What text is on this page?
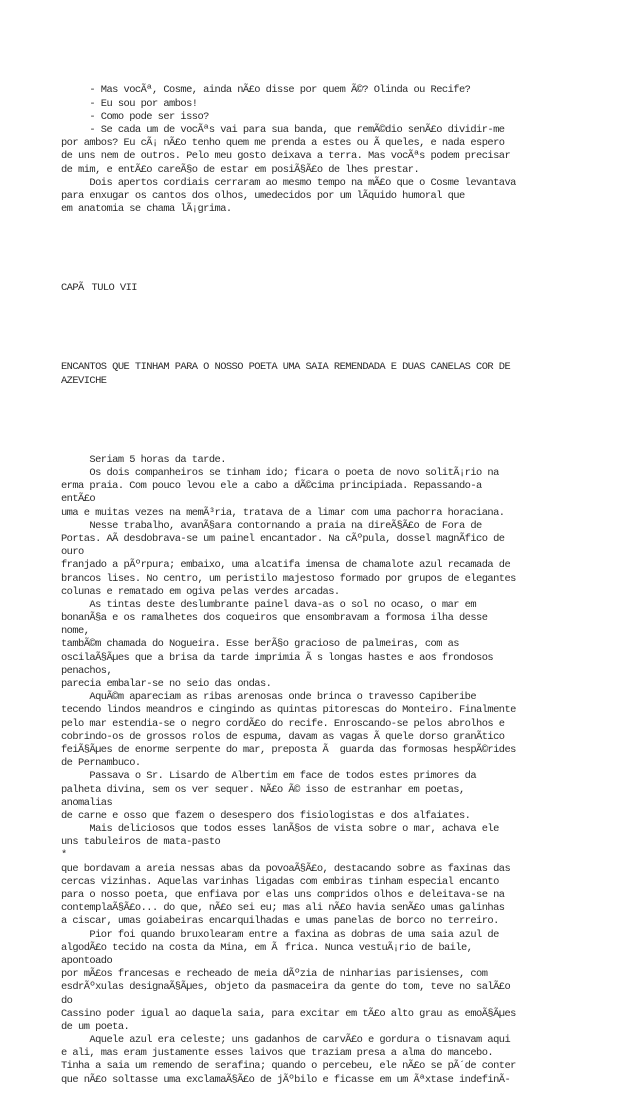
- Mas vocÃª, Cosme, ainda nÃ£o disse por quem Ã©? Olinda ou Recife?
- Eu sou por ambos!
- Como pode ser isso?
- Se cada um de vocÃªs vai para sua banda, que remÃ©dio senÃ£o dividir-me
por ambos? Eu cÃ¡ nÃ£o tenho quem me prenda a estes ou Ã queles, e nada espero
de uns nem de outros. Pelo meu gosto deixava a terra. Mas vocÃªs podem precisar
de mim, e entÃ£o careÃ§o de estar em posiÃ§Ã£o de lhes prestar.
Dois apertos cordiais cerraram ao mesmo tempo na mÃ£o que o Cosme levantava
para enxugar os cantos dos olhos, umedecidos por um lÃquido humoral que
em anatomia se chama lÃ¡grima.

CAPÃTULO VII

ENCANTOS QUE TINHAM PARA O NOSSO POETA UMA SAIA REMENDADA E DUAS CANELAS COR DE
AZEVICHE

Seriam 5 horas da tarde.
Os dois companheiros se tinham ido; ficara o poeta de novo solitÃ¡rio na
erma praia. Com pouco levou ele a cabo a dÃ©cima principiada. Repassando-a
entÃ£o
uma e muitas vezes na memÃ³ria, tratava de a limar com uma pachorra horaciana.
Nesse trabalho, avanÃ§ara contornando a praia na direÃ§Ã£o de Fora de
Portas. AÃ desdobrava-se um painel encantador. Na cÃºpula, dossel magnÃfico de
ouro
franjado a pÃºrpura; embaixo, uma alcatifa imensa de chamalote azul recamada de
brancos lises. No centro, um peristilo majestoso formado por grupos de elegantes
colunas e rematado em ogiva pelas verdes arcadas.
As tintas deste deslumbrante painel dava-as o sol no ocaso, o mar em
bonanÃ§a e os ramalhetes dos coqueiros que ensombravam a formosa ilha desse
nome,
tambÃ©m chamada do Nogueira. Esse berÃ§o gracioso de palmeiras, com as
oscilaÃ§Ãµes que a brisa da tarde imprimia Ã s longas hastes e aos frondosos
penachos,
parecia embalar-se no seio das ondas.
AquÃ©m apareciam as ribas arenosas onde brinca o travesso Capiberibe
tecendo lindos meandros e cingindo as quintas pitorescas do Monteiro. Finalmente
pelo mar estendia-se o negro cordÃ£o do recife. Enroscando-se pelos abrolhos e
cobrindo-os de grossos rolos de espuma, davam as vagas Ã quele dorso granÃtico
feiÃ§Ãµes de enorme serpente do mar, preposta Ã  guarda das formosas hespÃ©rides
de Pernambuco.
Passava o Sr. Lisardo de Albertim em face de todos estes primores da
palheta divina, sem os ver sequer. NÃ£o Ã© isso de estranhar em poetas,
anomalias
de carne e osso que fazem o desespero dos fisiologistas e dos alfaiates.
Mais deliciosos que todos esses lanÃ§os de vista sobre o mar, achava ele
uns tabuleiros de mata-pasto
*
que bordavam a areia nessas abas da povoaÃ§Ã£o, destacando sobre as faxinas das
cercas vizinhas. Aquelas varinhas ligadas com embiras tinham especial encanto
para o nosso poeta, que enfiava por elas uns compridos olhos e deleitava-se na
contemplaÃ§Ã£o... do que, nÃ£o sei eu; mas ali nÃ£o havia senÃ£o umas galinhas
a ciscar, umas goiabeiras encarquilhadas e umas panelas de borco no terreiro.
Pior foi quando bruxolearam entre a faxina as dobras de uma saia azul de
algodÃ£o tecido na costa da Mina, em Ãfrica. Nunca vestuÃ¡rio de baile,
apontoado
por mÃ£os francesas e recheado de meia dÃºzia de ninharias parisienses, com
esdrÃºxulas designaÃ§Ãµes, objeto da pasmaceira da gente do tom, teve no salÃ£o
do
Cassino poder igual ao daquela saia, para excitar em tÃ£o alto grau as emoÃ§Ãµes
de um poeta.
Aquele azul era celeste; uns gadanhos de carvÃ£o e gordura o tisnavam aqui
e ali, mas eram justamente esses laivos que traziam presa a alma do mancebo.
Tinha a saia um remendo de serafina; quando o percebeu, ele nÃ£o se pÃ´de conter
que nÃ£o soltasse uma exclamaÃ§Ã£o de jÃºbilo e ficasse em um Ãªxtase indefinÃ-
